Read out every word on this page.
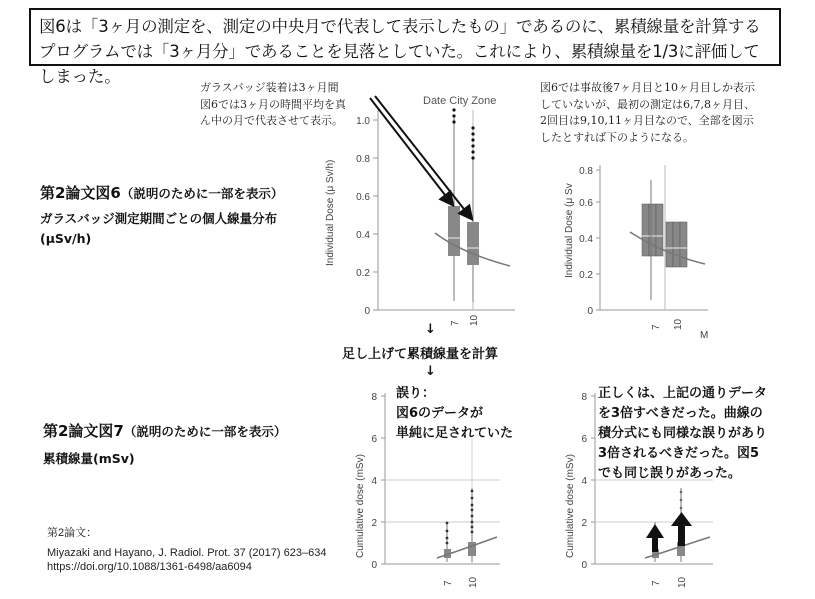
図6は「3ヶ月の測定を、測定の中央月で代表して表示したもの」であるのに、累積線量を計算するプログラムでは「3ヶ月分」であることを見落としていた。これにより、累積線量を1/3に評価してしまった。
ガラスバッジ装着は3ヶ月間
図6では3ヶ月の時間平均を真
ん中の月で代表させて表示。
図6では事故後7ヶ月目と10ヶ月目しか表示
していないが、最初の測定は6,7,8ヶ月目、
2回目は9,10,11ヶ月目なので、全部を図示
したとすれば下のようになる。
第2論文図6（説明のために一部を表示）
ガラスバッジ測定期間ごとの個人線量分布
(μSv/h)
第2論文図7（説明のために一部を表示）
累積線量(mSv)
↓
足し上げて累積線量を計算
↓
誤り：
図6のデータが
単純に足されていた
正しくは、上記の通りデータ
を3倍すべきだった。曲線の
積分式にも同様な誤りがあり
3倍されるべきだった。図5
でも同じ誤りがあった。
第2論文：
Miyazaki and Hayano, J. Radiol. Prot. 37 (2017) 623–634
https://doi.org/10.1088/1361-6498/aa6094
Date City Zone
0
0.2
0.4
0.6
0.8
1.0
Individual Dose (μ Sv/h)
7 10
0
0.2
0.4
0.6
0.8
Individual Dose (μ Sv
7 10
M
0
2
4
6
8
Cumulative dose (mSv)
7 10
0
2
4
6
8
Cumulative dose (mSv)
7 10
